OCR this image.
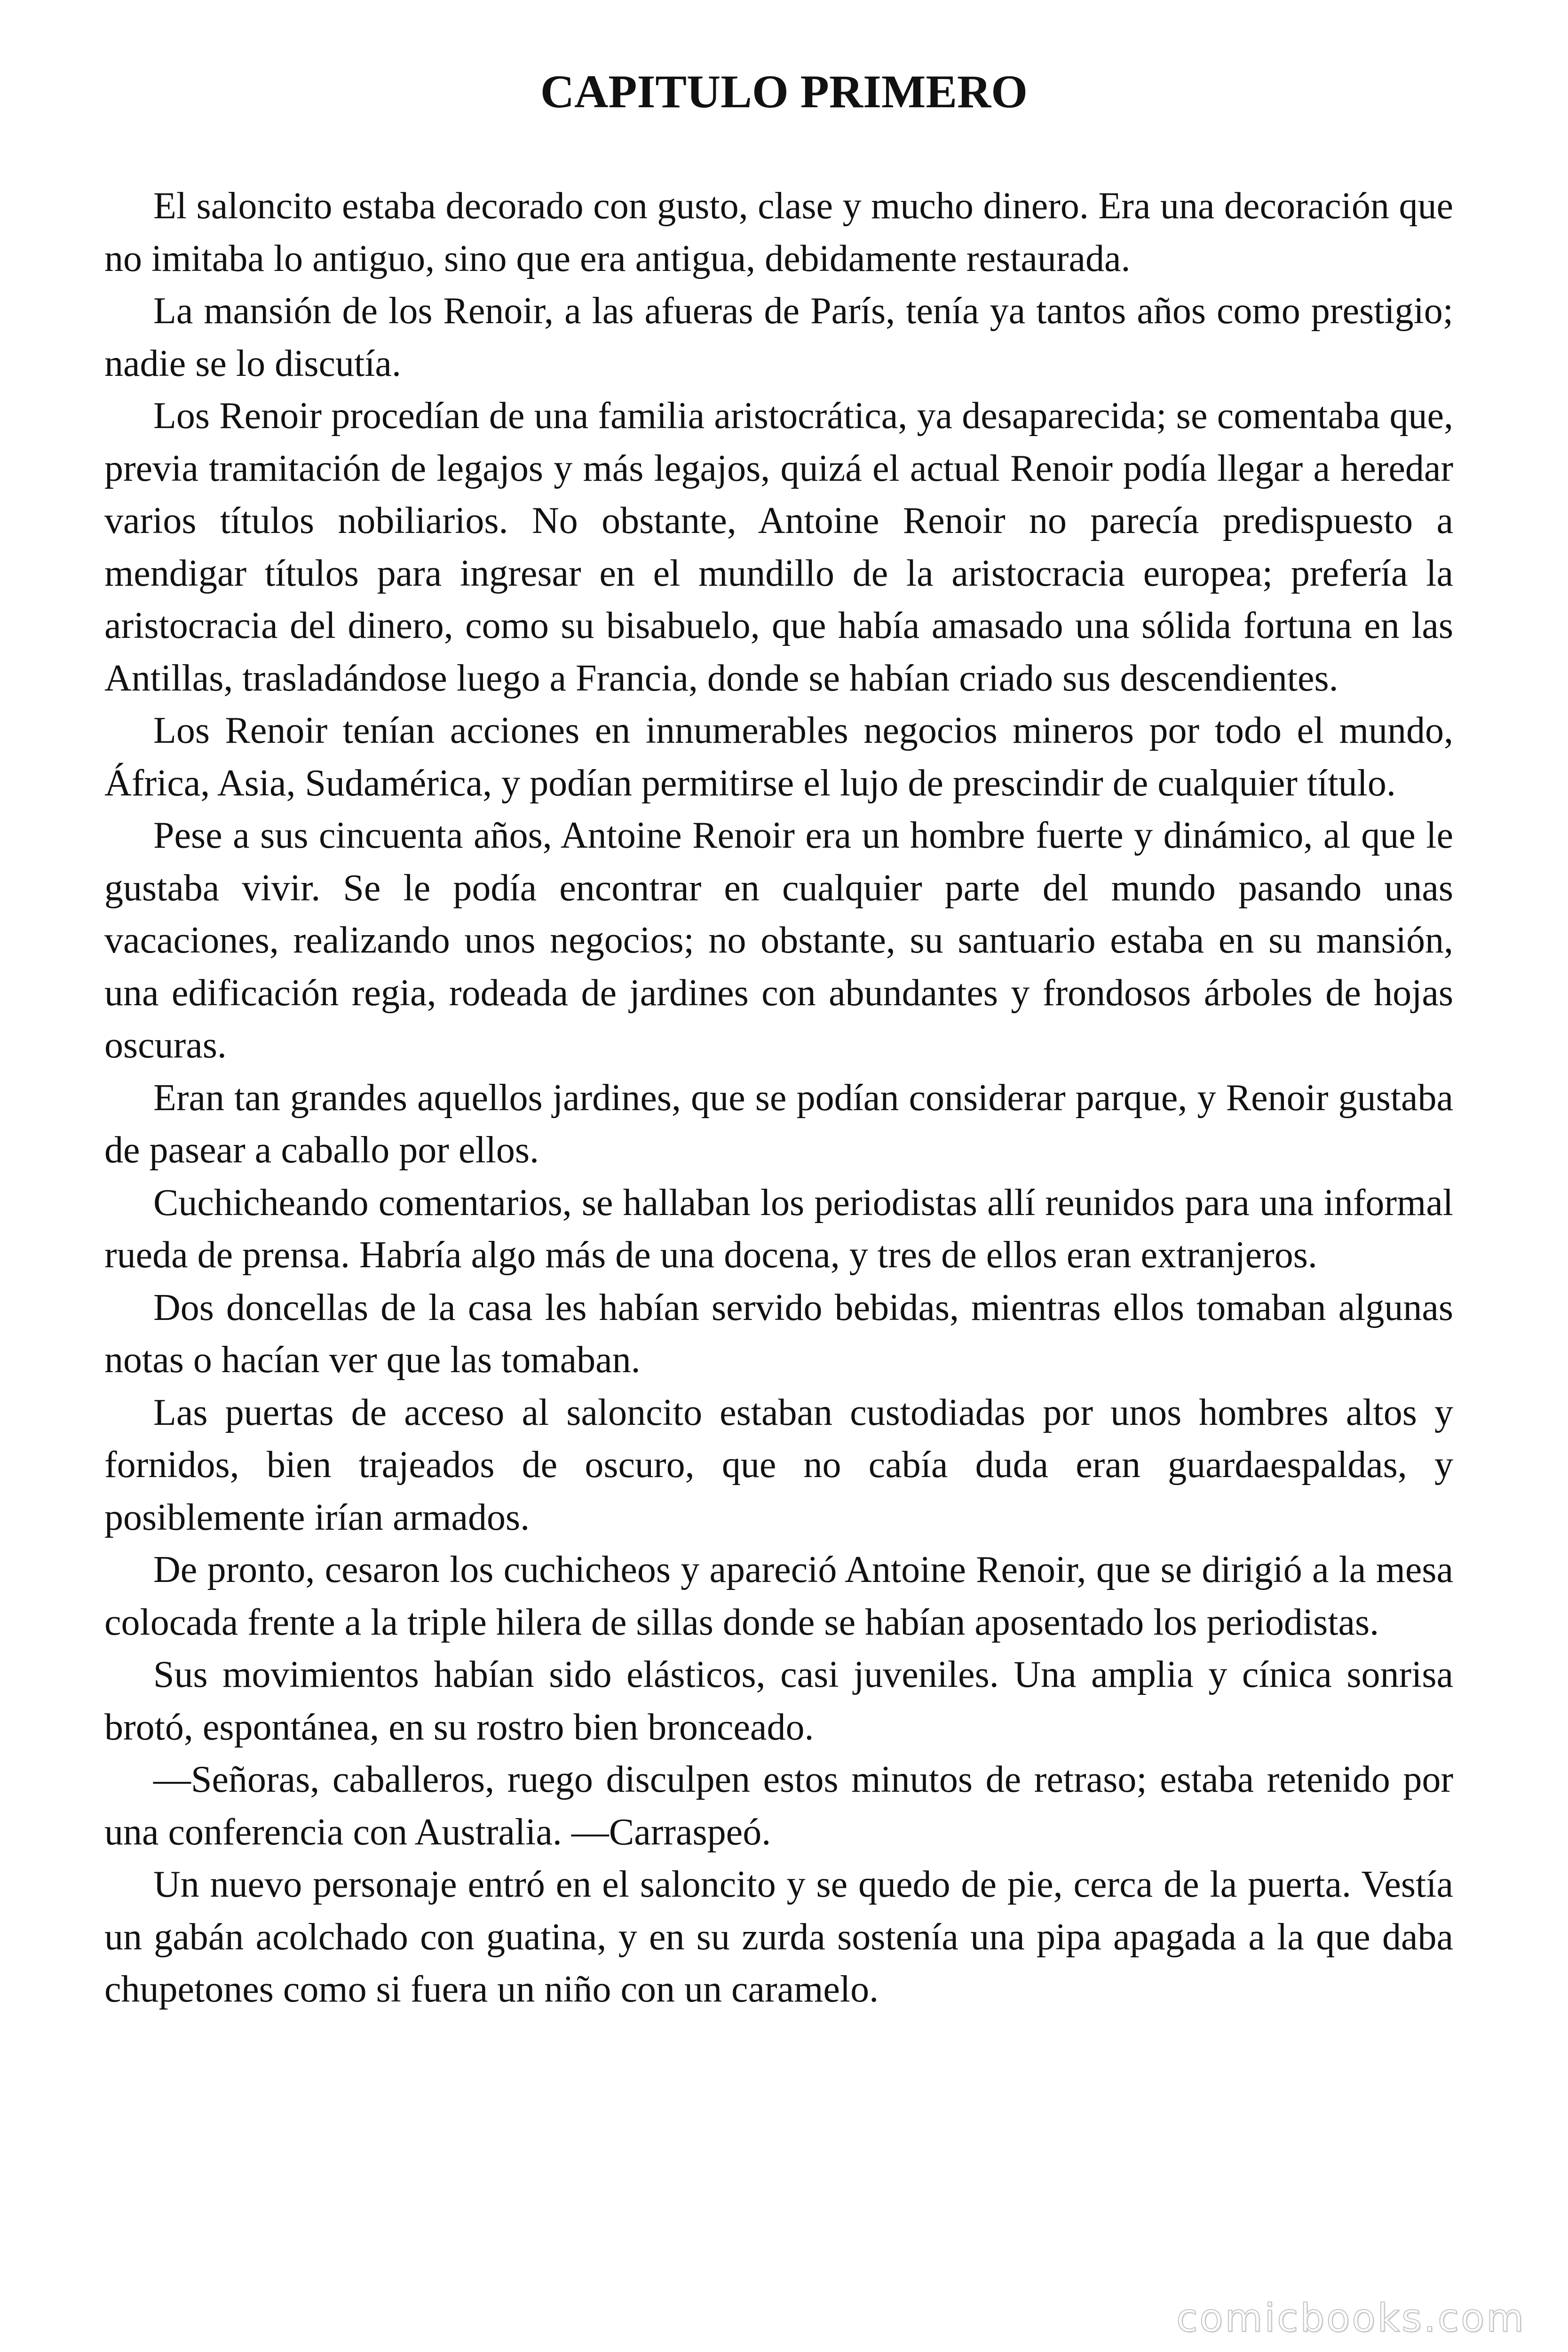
CAPITULO PRIMERO

El saloncito estaba decorado con gusto, clase y mucho dinero. Era una decoración que no imitaba lo antiguo, sino que era antigua, debidamente restaurada.

La mansión de los Renoir, a las afueras de París, tenía ya tantos años como prestigio; nadie se lo discutía.

Los Renoir procedían de una familia aristocrática, ya desaparecida; se comentaba que, previa tramitación de legajos y más legajos, quizá el actual Renoir podía llegar a heredar varios títulos nobiliarios. No obstante, Antoine Renoir no parecía predispuesto a mendigar títulos para ingresar en el mundillo de la aristocracia europea; prefería la aristocracia del dinero, como su bisabuelo, que había amasado una sólida fortuna en las Antillas, trasladándose luego a Francia, donde se habían criado sus descendientes.

Los Renoir tenían acciones en innumerables negocios mineros por todo el mundo, África, Asia, Sudamérica, y podían permitirse el lujo de prescindir de cualquier título.

Pese a sus cincuenta años, Antoine Renoir era un hombre fuerte y dinámico, al que le gustaba vivir. Se le podía encontrar en cualquier parte del mundo pasando unas vacaciones, realizando unos negocios; no obstante, su santuario estaba en su mansión, una edificación regia, rodeada de jardines con abundantes y frondosos árboles de hojas oscuras.

Eran tan grandes aquellos jardines, que se podían considerar parque, y Renoir gustaba de pasear a caballo por ellos.

Cuchicheando comentarios, se hallaban los periodistas allí reunidos para una informal rueda de prensa. Habría algo más de una docena, y tres de ellos eran extranjeros.

Dos doncellas de la casa les habían servido bebidas, mientras ellos tomaban algunas notas o hacían ver que las tomaban.

Las puertas de acceso al saloncito estaban custodiadas por unos hombres altos y fornidos, bien trajeados de oscuro, que no cabía duda eran guardaespaldas, y posiblemente irían armados.

De pronto, cesaron los cuchicheos y apareció Antoine Renoir, que se dirigió a la mesa colocada frente a la triple hilera de sillas donde se habían aposentado los periodistas.

Sus movimientos habían sido elásticos, casi juveniles. Una amplia y cínica sonrisa brotó, espontánea, en su rostro bien bronceado.

—Señoras, caballeros, ruego disculpen estos minutos de retraso; estaba retenido por una conferencia con Australia. —Carraspeó.

Un nuevo personaje entró en el saloncito y se quedo de pie, cerca de la puerta. Vestía un gabán acolchado con guatina, y en su zurda sostenía una pipa apagada a la que daba chupetones como si fuera un niño con un caramelo.

comicbooks.com
